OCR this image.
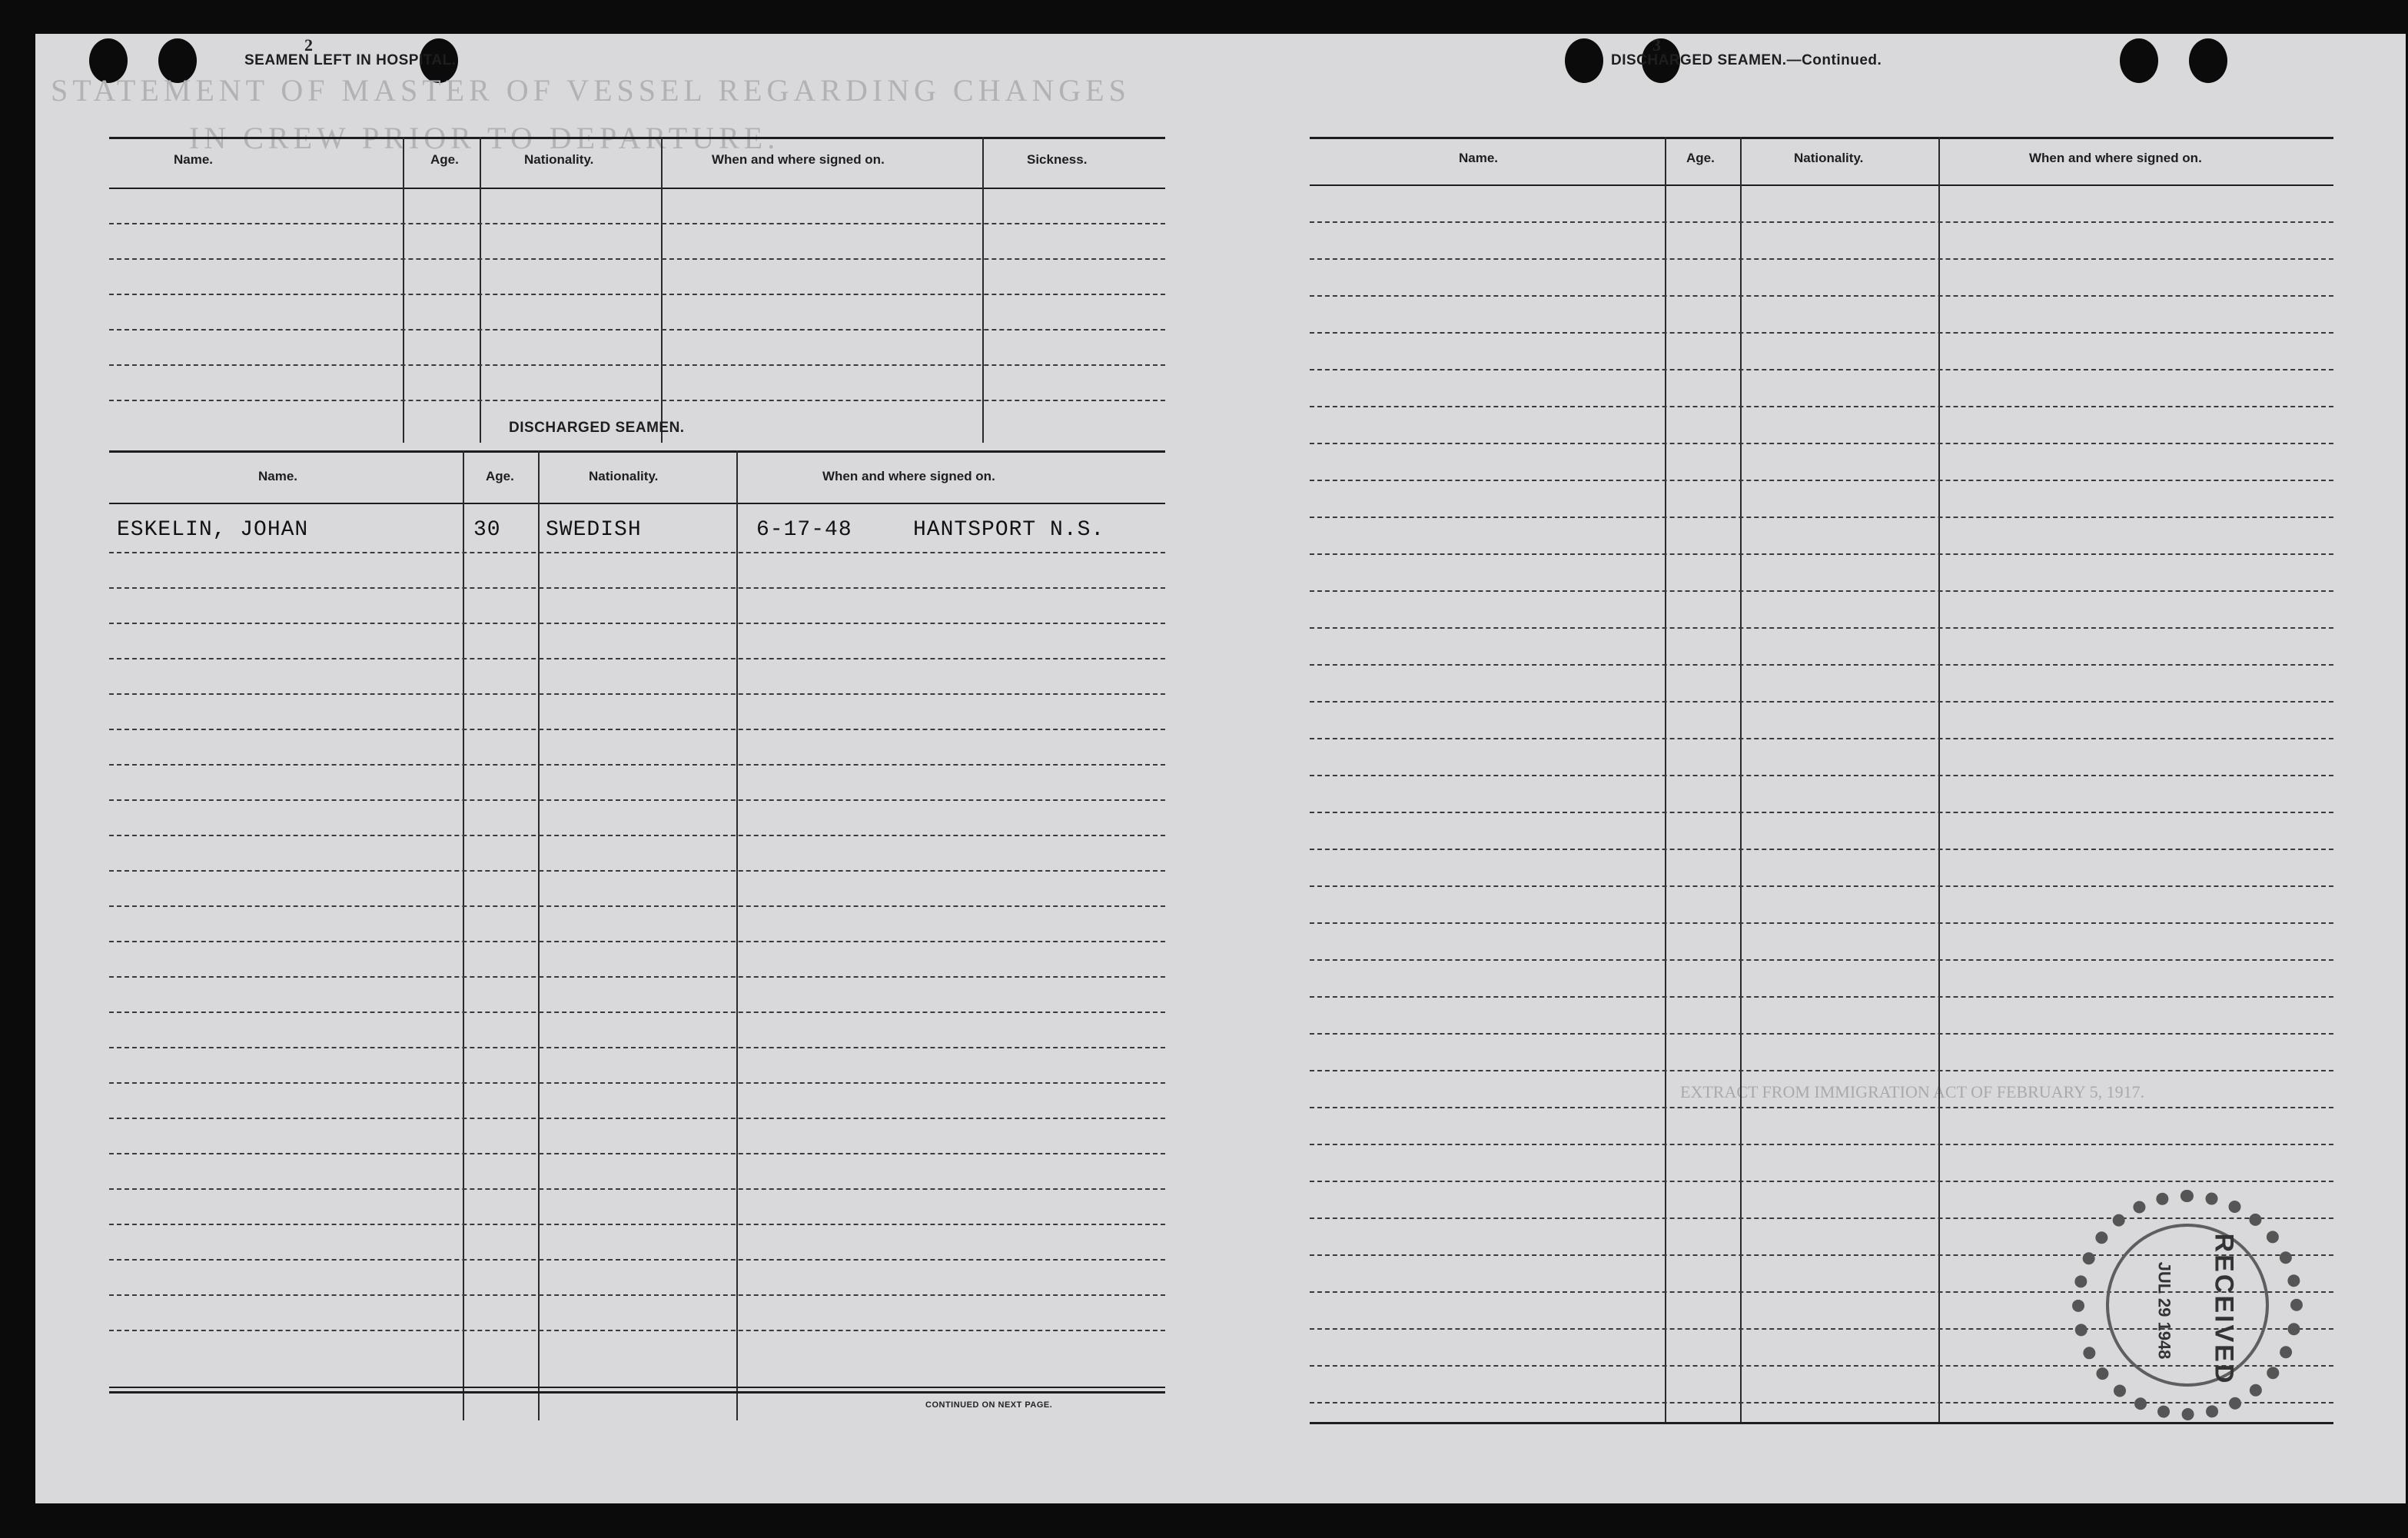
STATEMENT OF MASTER OF VESSEL REGARDING CHANGES
IN CREW PRIOR TO DEPARTURE.
2
SEAMEN LEFT IN HOSPITAL.
Name.	Age.	Nationality.	When and where signed on.	Sickness.
DISCHARGED SEAMEN.
Name.	Age.	Nationality.	When and where signed on.
ESKELIN, JOHAN	30 SWEDISH	6-17-48	HANTSPORT N.S.
CONTINUED ON NEXT PAGE.
EXTRACT FROM IMMIGRATION ACT OF FEBRUARY 5, 1917.
3
DISCHARGED SEAMEN.—Continued.
Name.	Age.	Nationality.	When and where signed on.
RECEIVED
JUL 29 1948
